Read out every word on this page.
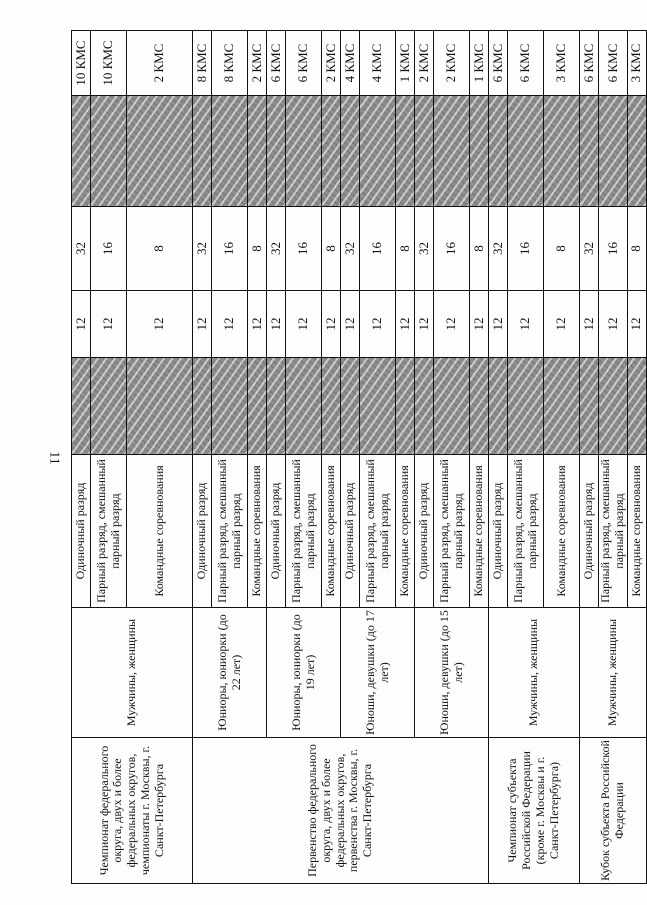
11
Чемпионат федерального округа, двух и более федеральных округов, чемпионаты г. Москвы, г. Санкт-Петербурга	Мужчины, женщины	Одиночный разряд		12	32		10 КМС
		Парный разряд, смешанный парный разряд		12	16		10 КМС
		Командные соревнования		12	8		2 КМС
Первенство федерального округа, двух и более федеральных округов, первенства г. Москвы, г. Санкт-Петербурга	Юниоры, юниорки (до 22 лет)	Одиночный разряд		12	32		8 КМС
		Парный разряд, смешанный парный разряд		12	16		8 КМС
		Командные соревнования		12	8		2 КМС
	Юниоры, юниорки (до 19 лет)	Одиночный разряд		12	32		6 КМС
		Парный разряд, смешанный парный разряд		12	16		6 КМС
		Командные соревнования		12	8		2 КМС
	Юноши, девушки (до 17 лет)	Одиночный разряд		12	32		4 КМС
		Парный разряд, смешанный парный разряд		12	16		4 КМС
		Командные соревнования		12	8		1 КМС
	Юноши, девушки (до 15 лет)	Одиночный разряд		12	32		2 КМС
		Парный разряд, смешанный парный разряд		12	16		2 КМС
		Командные соревнования		12	8		1 КМС
Чемпионат субъекта Российской Федерации (кроме г. Москвы и г. Санкт-Петербурга)	Мужчины, женщины	Одиночный разряд		12	32		6 КМС
		Парный разряд, смешанный парный разряд		12	16		6 КМС
		Командные соревнования		12	8		3 КМС
Кубок субъекта Российской Федерации	Мужчины, женщины	Одиночный разряд		12	32		6 КМС
		Парный разряд, смешанный парный разряд		12	16		6 КМС
		Командные соревнования		12	8		3 КМС
